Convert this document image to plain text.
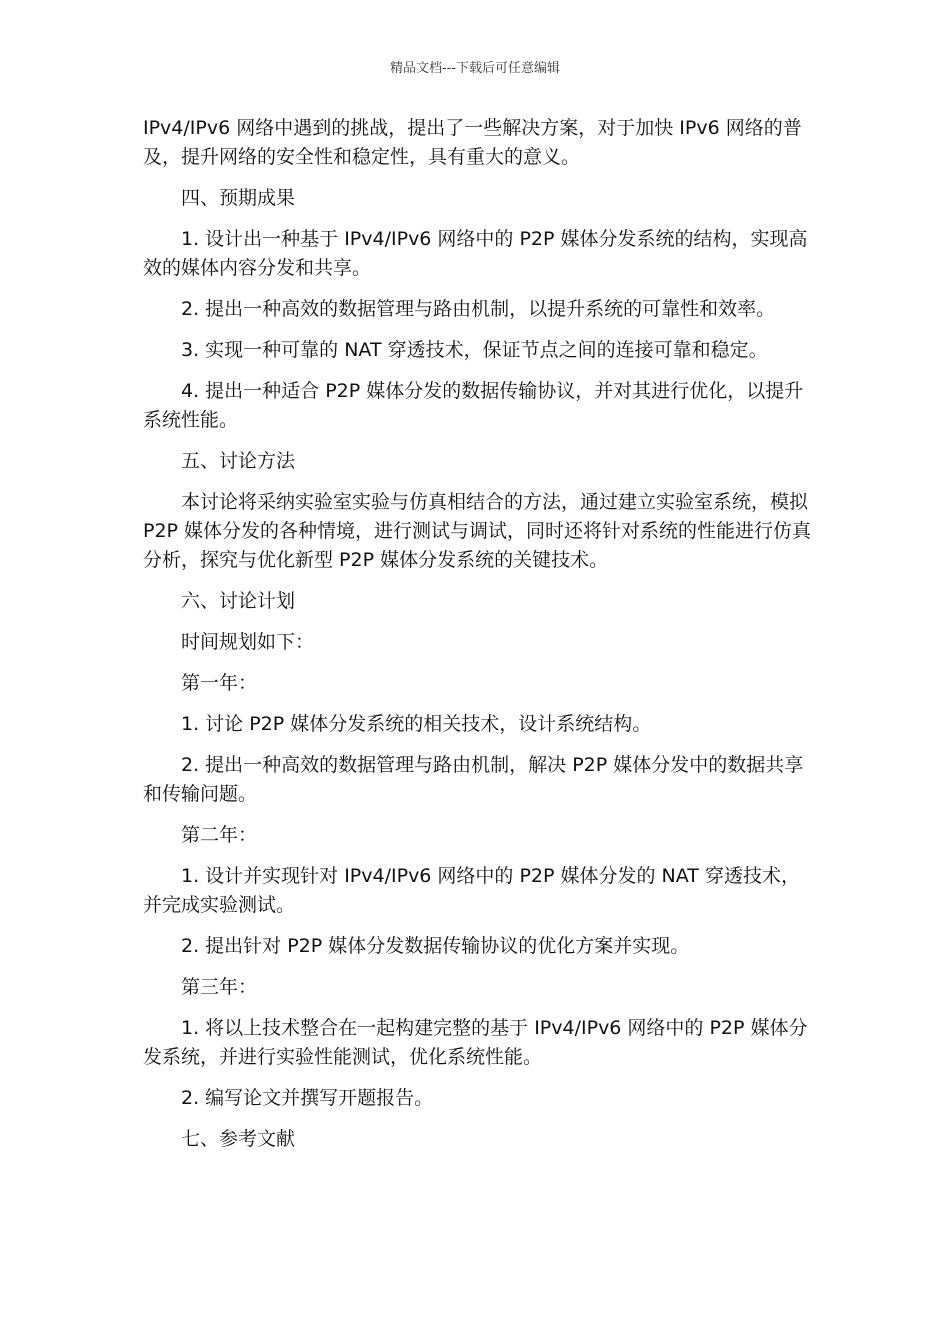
精品文档---下载后可任意编辑

IPv4/IPv6 网络中遇到的挑战，提出了一些解决方案，对于加快 IPv6 网络的普及，提升网络的安全性和稳定性，具有重大的意义。

四、预期成果

1. 设计出一种基于 IPv4/IPv6 网络中的 P2P 媒体分发系统的结构，实现高效的媒体内容分发和共享。

2. 提出一种高效的数据管理与路由机制，以提升系统的可靠性和效率。

3. 实现一种可靠的 NAT 穿透技术，保证节点之间的连接可靠和稳定。

4. 提出一种适合 P2P 媒体分发的数据传输协议，并对其进行优化，以提升系统性能。

五、讨论方法

本讨论将采纳实验室实验与仿真相结合的方法，通过建立实验室系统，模拟 P2P 媒体分发的各种情境，进行测试与调试，同时还将针对系统的性能进行仿真分析，探究与优化新型 P2P 媒体分发系统的关键技术。

六、讨论计划

时间规划如下：

第一年：

1. 讨论 P2P 媒体分发系统的相关技术，设计系统结构。

2. 提出一种高效的数据管理与路由机制，解决 P2P 媒体分发中的数据共享和传输问题。

第二年：

1. 设计并实现针对 IPv4/IPv6 网络中的 P2P 媒体分发的 NAT 穿透技术，并完成实验测试。

2. 提出针对 P2P 媒体分发数据传输协议的优化方案并实现。

第三年：

1. 将以上技术整合在一起构建完整的基于 IPv4/IPv6 网络中的 P2P 媒体分发系统，并进行实验性能测试，优化系统性能。

2. 编写论文并撰写开题报告。

七、参考文献
